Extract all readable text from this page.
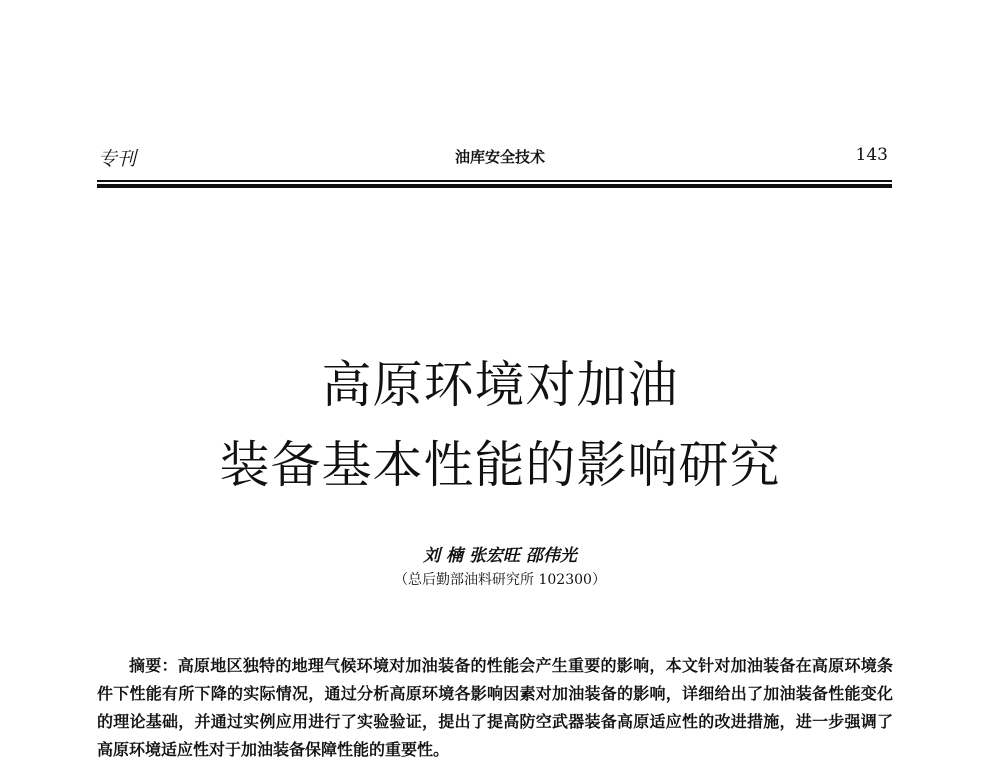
专刊	油库安全技术	143
高原环境对加油
装备基本性能的影响研究
刘 楠 张宏旺 邵伟光
（总后勤部油料研究所 102300）

摘要：高原地区独特的地理气候环境对加油装备的性能会产生重要的影响，本文针对加油装备在高原环境条件下性能有所下降的实际情况，通过分析高原环境各影响因素对加油装备的影响，详细给出了加油装备性能变化的理论基础，并通过实例应用进行了实验验证，提出了提高防空武器装备高原适应性的改进措施，进一步强调了高原环境适应性对于加油装备保障性能的重要性。
